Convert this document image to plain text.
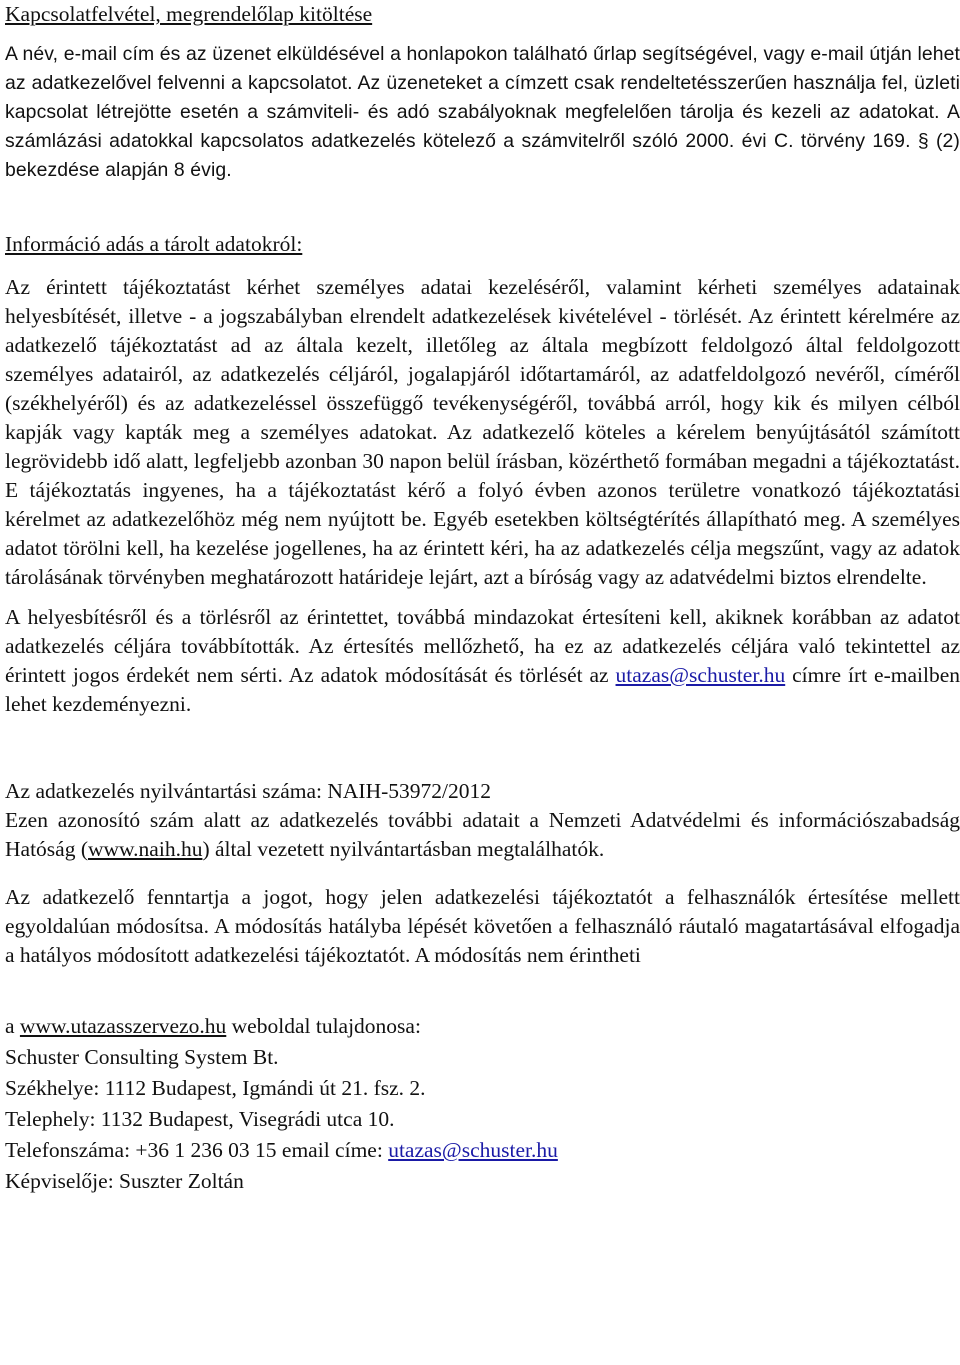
Kapcsolatfelvétel, megrendelőlap kitöltése

A név, e-mail cím és az üzenet elküldésével a honlapokon található űrlap segítségével, vagy e-mail útján lehet az adatkezelővel felvenni a kapcsolatot. Az üzeneteket a címzett csak rendeltetésszerűen használja fel, üzleti kapcsolat létrejötte esetén a számviteli- és adó szabályoknak megfelelően tárolja és kezeli az adatokat. A számlázási adatokkal kapcsolatos adatkezelés kötelező a számvitelről szóló 2000. évi C. törvény 169. § (2) bekezdése alapján 8 évig.

Információ adás a tárolt adatokról:

Az érintett tájékoztatást kérhet személyes adatai kezeléséről, valamint kérheti személyes adatainak helyesbítését, illetve - a jogszabályban elrendelt adatkezelések kivételével - törlését. Az érintett kérelmére az adatkezelő tájékoztatást ad az általa kezelt, illetőleg az általa megbízott feldolgozó által feldolgozott személyes adatairól, az adatkezelés céljáról, jogalapjáról időtartamáról, az adatfeldolgozó nevéről, címéről (székhelyéről) és az adatkezeléssel összefüggő tevékenységéről, továbbá arról, hogy kik és milyen célból kapják vagy kapták meg a személyes adatokat. Az adatkezelő köteles a kérelem benyújtásától számított legrövidebb idő alatt, legfeljebb azonban 30 napon belül írásban, közérthető formában megadni a tájékoztatást. E tájékoztatás ingyenes, ha a tájékoztatást kérő a folyó évben azonos területre vonatkozó tájékoztatási kérelmet az adatkezelőhöz még nem nyújtott be. Egyéb esetekben költségtérítés állapítható meg. A személyes adatot törölni kell, ha kezelése jogellenes, ha az érintett kéri, ha az adatkezelés célja megszűnt, vagy az adatok tárolásának törvényben meghatározott határideje lejárt, azt a bíróság vagy az adatvédelmi biztos elrendelte.

A helyesbítésről és a törlésről az érintettet, továbbá mindazokat értesíteni kell, akiknek korábban az adatot adatkezelés céljára továbbították. Az értesítés mellőzhető, ha ez az adatkezelés céljára való tekintettel az érintett jogos érdekét nem sérti. Az adatok módosítását és törlését az utazas@schuster.hu címre írt e-mailben lehet kezdeményezni.

Az adatkezelés nyilvántartási száma: NAIH-53972/2012

Ezen azonosító szám alatt az adatkezelés további adatait a Nemzeti Adatvédelmi és információszabadság Hatóság (www.naih.hu) által vezetett nyilvántartásban megtalálhatók.

Az adatkezelő fenntartja a jogot, hogy jelen adatkezelési tájékoztatót a felhasználók értesítése mellett egyoldalúan módosítsa. A módosítás hatályba lépését követően a felhasználó ráutaló magatartásával elfogadja a hatályos módosított adatkezelési tájékoztatót. A módosítás nem érintheti

a www.utazasszervezo.hu weboldal tulajdonosa:

Schuster Consulting System Bt.

Székhelye: 1112 Budapest, Igmándi út 21. fsz. 2.

Telephely: 1132 Budapest, Visegrádi utca 10.

Telefonszáma: +36 1 236 03 15 email címe: utazas@schuster.hu

Képviselője: Suszter Zoltán
